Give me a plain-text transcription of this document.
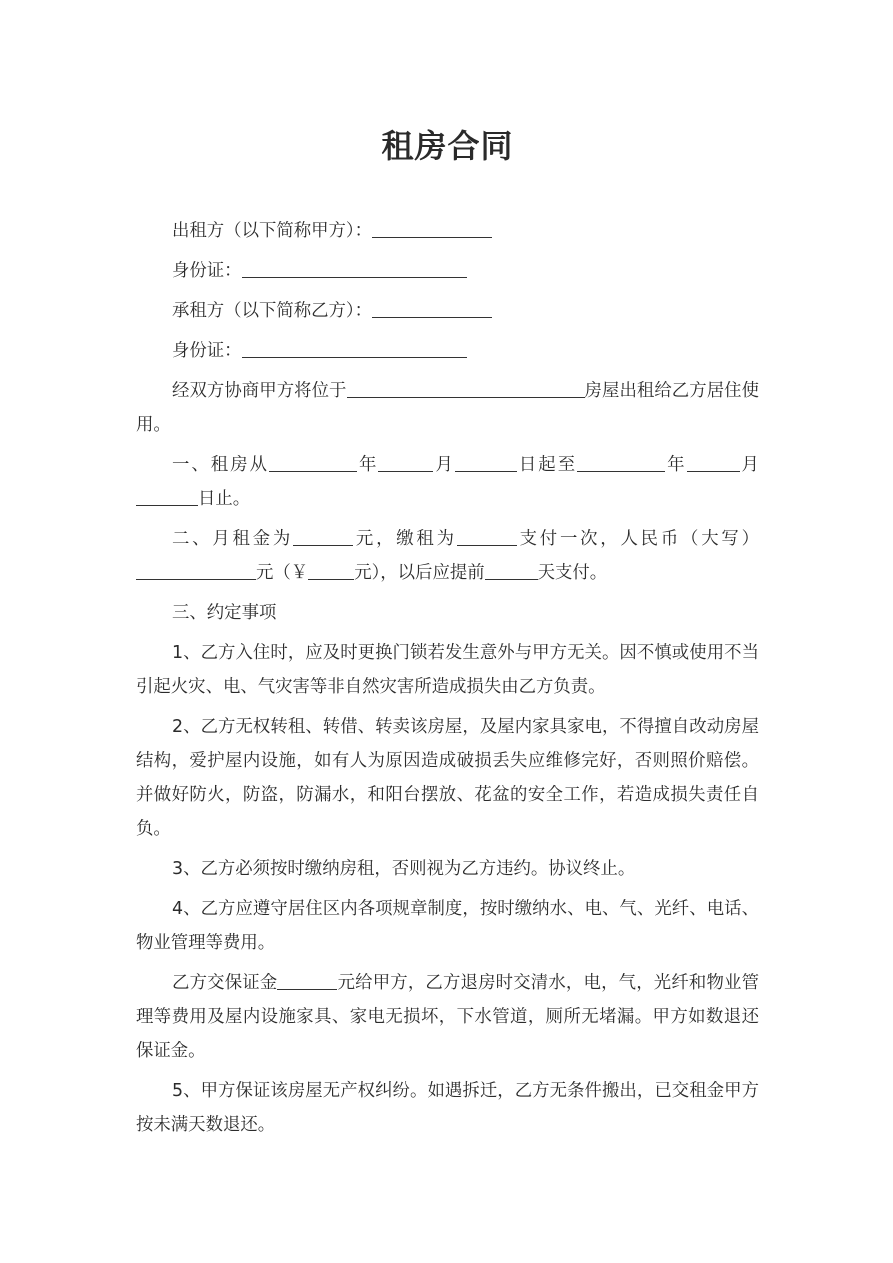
租房合同

出租方（以下简称甲方）：

身份证：

承租方（以下简称乙方）：

身份证：

经双方协商甲方将位于	房屋出租给乙方居住使用。

一、租房从	年	月	日起至	年	月日止。

二、月租金为	元，缴租为	支付一次，人民币（大写）元（￥	元），以后应提前	天支付。

三、约定事项

1、乙方入住时，应及时更换门锁若发生意外与甲方无关。因不慎或使用不当引起火灾、电、气灾害等非自然灾害所造成损失由乙方负责。

2、乙方无权转租、转借、转卖该房屋，及屋内家具家电，不得擅自改动房屋结构，爱护屋内设施，如有人为原因造成破损丢失应维修完好，否则照价赔偿。并做好防火，防盗，防漏水，和阳台摆放、花盆的安全工作，若造成损失责任自负。

3、乙方必须按时缴纳房租，否则视为乙方违约。协议终止。

4、乙方应遵守居住区内各项规章制度，按时缴纳水、电、气、光纤、电话、物业管理等费用。

乙方交保证金	元给甲方，乙方退房时交清水，电，气，光纤和物业管理等费用及屋内设施家具、家电无损坏，下水管道，厕所无堵漏。甲方如数退还保证金。

5、甲方保证该房屋无产权纠纷。如遇拆迁，乙方无条件搬出，已交租金甲方按未满天数退还。
